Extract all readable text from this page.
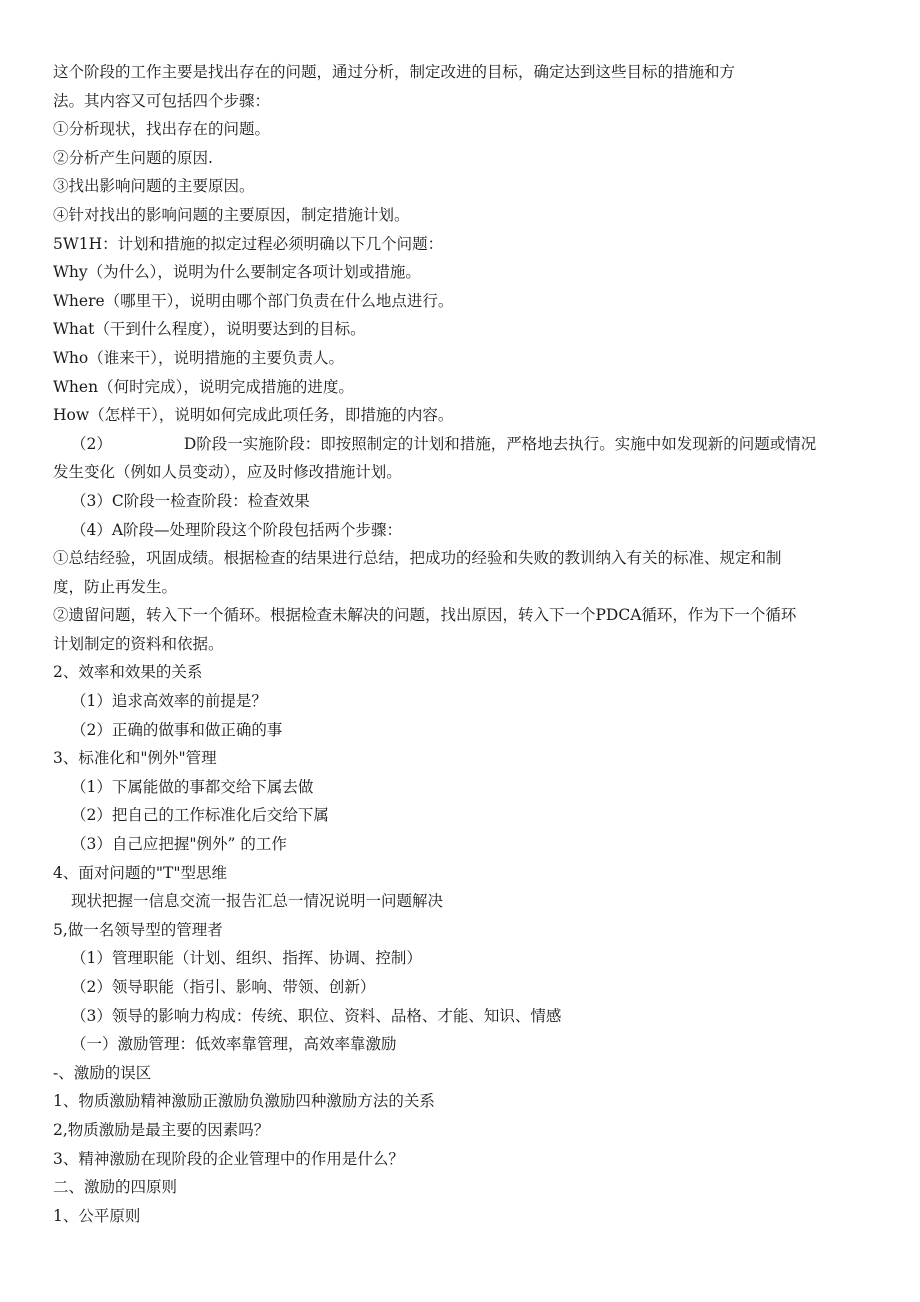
这个阶段的工作主要是找出存在的问题，通过分析，制定改进的目标，确定达到这些目标的措施和方
法。其内容又可包括四个步骤：
①分析现状，找出存在的问题。
②分析产生问题的原因.
③找出影响问题的主要原因。
④针对找出的影响问题的主要原因，制定措施计划。
5W1H：计划和措施的拟定过程必须明确以下几个问题：
Why（为什么），说明为什么要制定各项计划或措施。
Where（哪里干），说明由哪个部门负责在什么地点进行。
What（干到什么程度），说明要达到的目标。
Who（谁来干），说明措施的主要负责人。
When（何时完成），说明完成措施的进度。
How（怎样干），说明如何完成此项任务，即措施的内容。
（2）	D阶段一实施阶段：即按照制定的计划和措施，严格地去执行。实施中如发现新的问题或情况
发生变化（例如人员变动），应及时修改措施计划。
（3）C阶段一检查阶段：检查效果
（4）A阶段—处理阶段这个阶段包括两个步骤：
①总结经验，巩固成绩。根据检查的结果进行总结，把成功的经验和失败的教训纳入有关的标准、规定和制
度，防止再发生。
②遗留问题，转入下一个循环。根据检查未解决的问题，找出原因，转入下一个PDCA循环，作为下一个循环
计划制定的资料和依据。
2、效率和效果的关系
（1）追求高效率的前提是？
（2）正确的做事和做正确的事
3、标准化和"例外"管理
（1）下属能做的事都交给下属去做
（2）把自己的工作标准化后交给下属
（3）自己应把握"例外” 的工作
4、面对问题的"T"型思维
现状把握一信息交流一报告汇总一情况说明一问题解决
5,做一名领导型的管理者
（1）管理职能（计划、组织、指挥、协调、控制）
（2）领导职能（指引、影响、带领、创新）
（3）领导的影响力构成：传统、职位、资料、品格、才能、知识、情感
（一）激励管理：低效率靠管理，高效率靠激励
-、激励的误区
1、物质激励精神激励正激励负激励四种激励方法的关系
2,物质激励是最主要的因素吗？
3、精神激励在现阶段的企业管理中的作用是什么？
二、激励的四原则
1、公平原则
